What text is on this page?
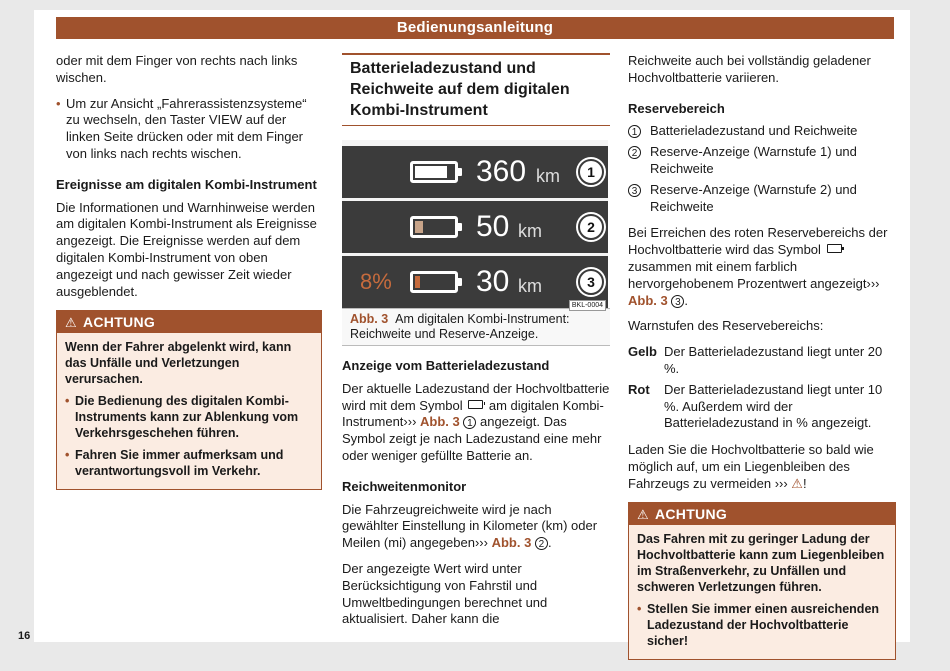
Bedienungsanleitung

oder mit dem Finger von rechts nach links wischen.

• Um zur Ansicht „Fahrerassistenzsysteme“ zu wechseln, den Taster VIEW auf der linken Seite drücken oder mit dem Finger von links nach rechts wischen.

Ereignisse am digitalen Kombi-Instrument

Die Informationen und Warnhinweise werden am digitalen Kombi-Instrument als Ereignisse angezeigt. Die Ereignisse werden auf dem digitalen Kombi-Instrument von oben angezeigt und nach gewisser Zeit wieder ausgeblendet.

⚠ ACHTUNG

Wenn der Fahrer abgelenkt wird, kann das Unfälle und Verletzungen verursachen.

• Die Bedienung des digitalen Kombi-Instruments kann zur Ablenkung vom Verkehrsgeschehen führen.

• Fahren Sie immer aufmerksam und verantwortungsvoll im Verkehr.

Batterieladezustand und Reichweite auf dem digitalen Kombi-Instrument
8%	30 km	3
50 km	2
360 km	1
BKL-0004
Abb. 3 Am digitalen Kombi-Instrument: Reichweite und Reserve-Anzeige.
Anzeige vom Batterieladezustand

Der aktuelle Ladezustand der Hochvoltbatterie wird mit dem Symbol am digitalen Kombi-Instrument››› Abb. 3 1 angezeigt. Das Symbol zeigt je nach Ladezustand eine mehr oder weniger gefüllte Batterie an.

Reichweitenmonitor

Die Fahrzeugreichweite wird je nach gewählter Einstellung in Kilometer (km) oder Meilen (mi) angegeben››› Abb. 3 2 .

Der angezeigte Wert wird unter Berücksichtigung von Fahrstil und Umweltbedingungen berechnet und aktualisiert. Daher kann die

Reichweite auch bei vollständig geladener Hochvoltbatterie variieren.

Reservebereich
1 Batterieladezustand und Reichweite
2 Reserve-Anzeige (Warnstufe 1) und Reichweite
3 Reserve-Anzeige (Warnstufe 2) und Reichweite

Bei Erreichen des roten Reservebereichs der Hochvoltbatterie wird das Symbol  zusammen mit einem farblich hervorgehobenem Prozentwert angezeigt››› Abb. 3 3 .

Warnstufen des Reservebereichs:

Gelb Der Batterieladezustand liegt unter 20 %.
Rot	Der Batterieladezustand liegt unter 10 %. Außerdem wird der Batterieladezustand in % angezeigt.

Laden Sie die Hochvoltbatterie so bald wie möglich auf, um ein Liegenbleiben des Fahrzeugs zu vermeiden ››› ⚠!

⚠ ACHTUNG

Das Fahren mit zu geringer Ladung der Hochvoltbatterie kann zum Liegenbleiben im Straßenverkehr, zu Unfällen und schweren Verletzungen führen.

• Stellen Sie immer einen ausreichenden Ladezustand der Hochvoltbatterie sicher!

16
